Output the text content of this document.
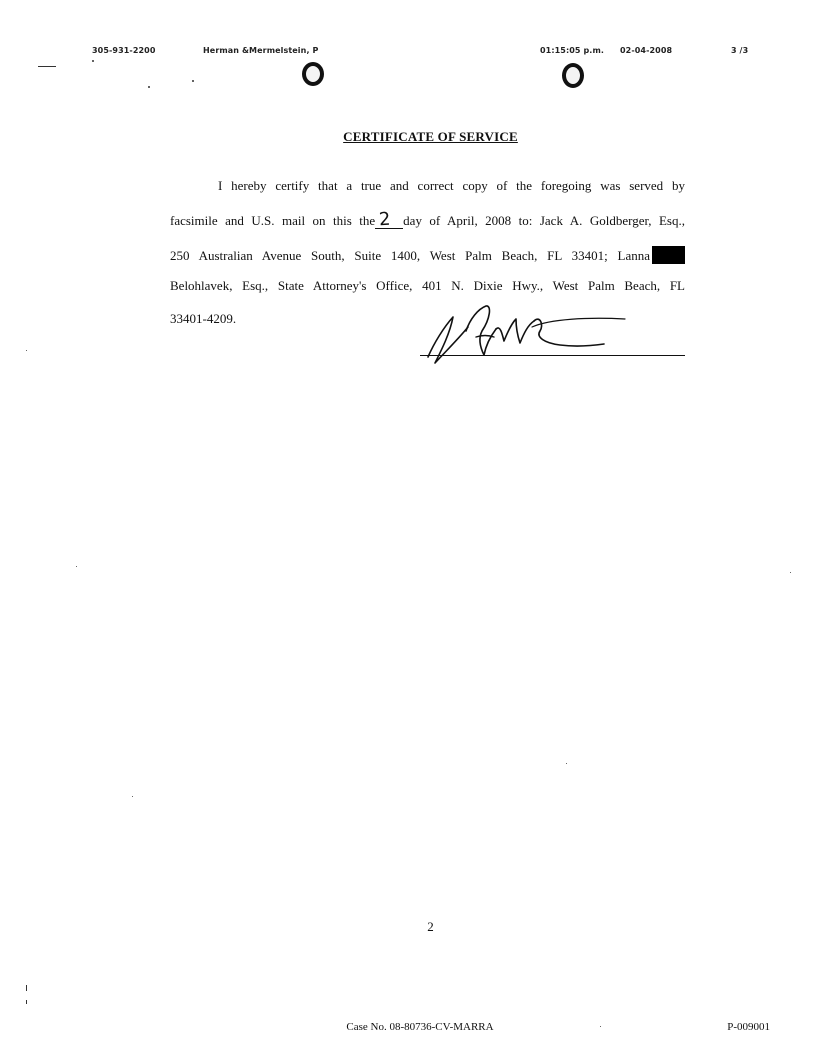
305-931-2200	Herman &Mermelstein, P	01:15:05 p.m. 02-04-2008	3 /3
CERTIFICATE OF SERVICE
I hereby certify that a true and correct copy of the foregoing was served by
facsimile and U.S. mail on this the 2 day of April, 2008 to: Jack A. Goldberger, Esq.,
250 Australian Avenue South, Suite 1400, West Palm Beach, FL 33401; Lanna
Belohlavek, Esq., State Attorney's Office, 401 N. Dixie Hwy., West Palm Beach, FL
33401-4209.
2
Case No. 08-80736-CV-MARRA	P-009001
